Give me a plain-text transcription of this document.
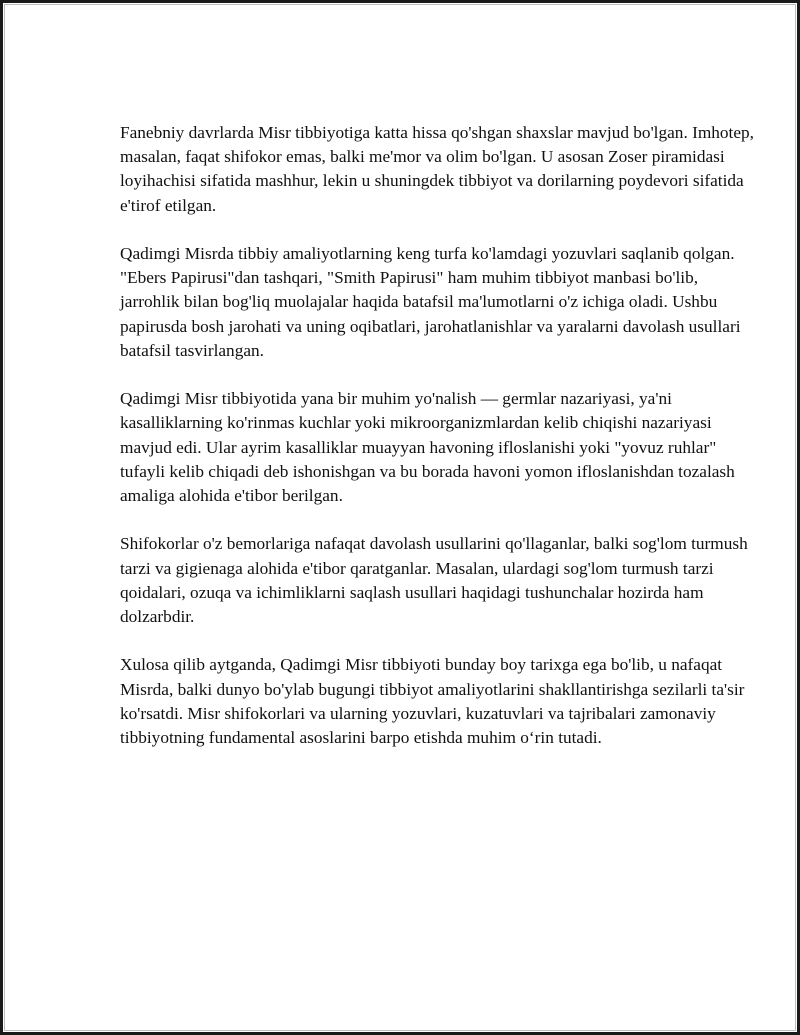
Fanebniy davrlarda Misr tibbiyotiga katta hissa qo'shgan shaxslar mavjud bo'lgan. Imhotep, masalan, faqat shifokor emas, balki me'mor va olim bo'lgan. U asosan Zoser piramidasi loyihachisi sifatida mashhur, lekin u shuningdek tibbiyot va dorilarning poydevori sifatida e'tirof etilgan.

Qadimgi Misrda tibbiy amaliyotlarning keng turfa ko'lamdagi yozuvlari saqlanib qolgan. "Ebers Papirusi"dan tashqari, "Smith Papirusi" ham muhim tibbiyot manbasi bo'lib, jarrohlik bilan bog'liq muolajalar haqida batafsil ma'lumotlarni o'z ichiga oladi. Ushbu papirusda bosh jarohati va uning oqibatlari, jarohatlanishlar va yaralarni davolash usullari batafsil tasvirlangan.

Qadimgi Misr tibbiyotida yana bir muhim yo'nalish — germlar nazariyasi, ya'ni kasalliklarning ko'rinmas kuchlar yoki mikroorganizmlardan kelib chiqishi nazariyasi mavjud edi. Ular ayrim kasalliklar muayyan havoning ifloslanishi yoki "yovuz ruhlar" tufayli kelib chiqadi deb ishonishgan va bu borada havoni yomon ifloslanishdan tozalash amaliga alohida e'tibor berilgan.

Shifokorlar o'z bemorlariga nafaqat davolash usullarini qo'llaganlar, balki sog'lom turmush tarzi va gigienaga alohida e'tibor qaratganlar. Masalan, ulardagi sog'lom turmush tarzi qoidalari, ozuqa va ichimliklarni saqlash usullari haqidagi tushunchalar hozirda ham dolzarbdir.

Xulosa qilib aytganda, Qadimgi Misr tibbiyoti bunday boy tarixga ega bo'lib, u nafaqat Misrda, balki dunyo bo'ylab bugungi tibbiyot amaliyotlarini shakllantirishga sezilarli ta'sir ko'rsatdi. Misr shifokorlari va ularning yozuvlari, kuzatuvlari va tajribalari zamonaviy tibbiyotning fundamental asoslarini barpo etishda muhim o‘rin tutadi.
